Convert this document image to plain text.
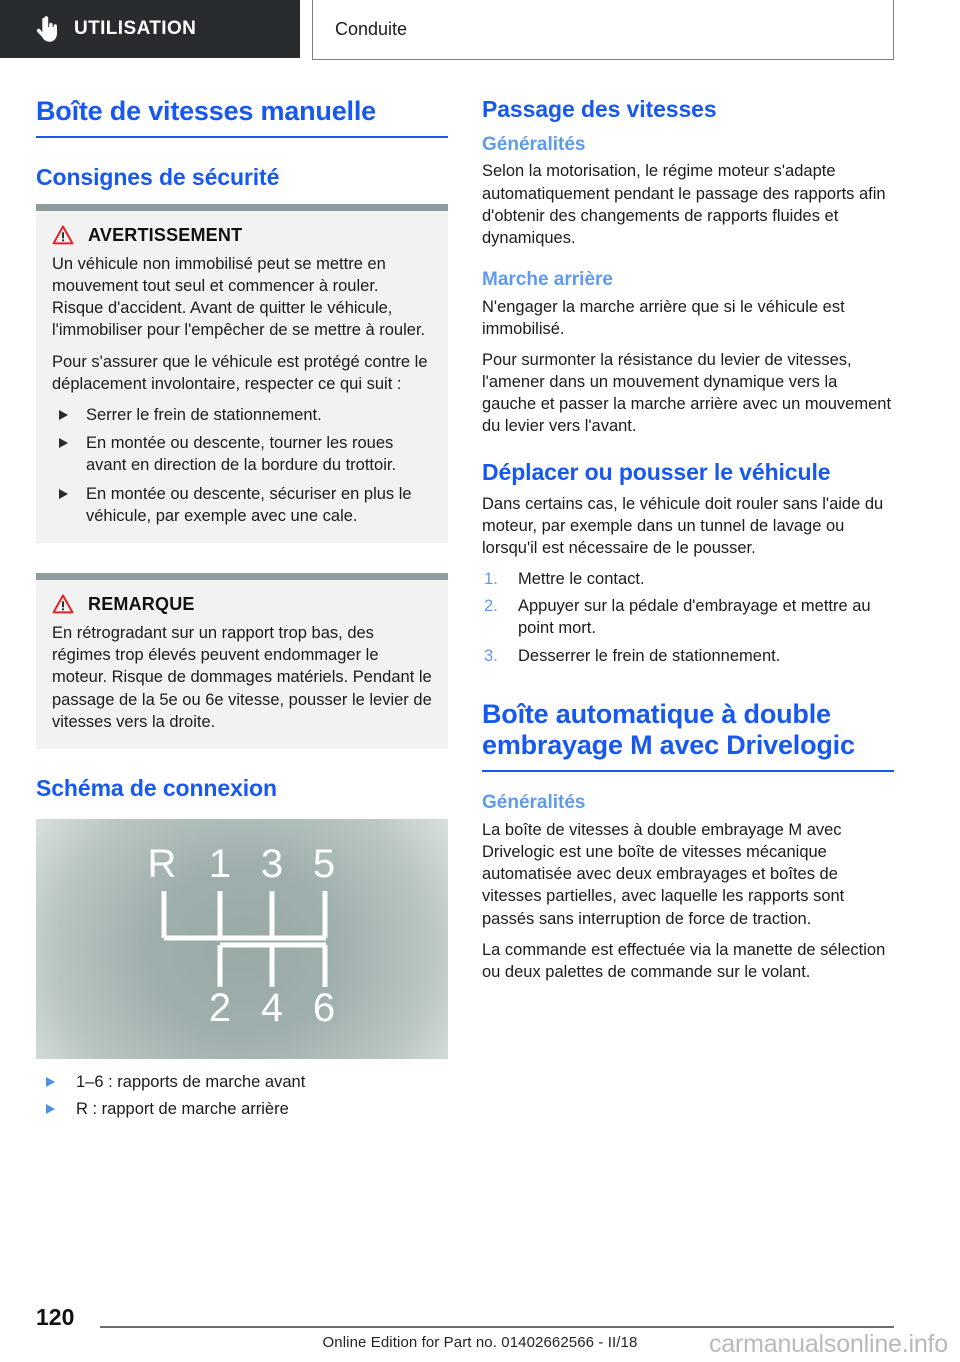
UTILISATION	Conduite
Boîte de vitesses manuelle
Consignes de sécurité
AVERTISSEMENT

Un véhicule non immobilisé peut se mettre en mouvement tout seul et commencer à rouler. Risque d'accident. Avant de quitter le véhicule, l'immobiliser pour l'empêcher de se mettre à rouler.

Pour s'assurer que le véhicule est protégé contre le déplacement involontaire, respecter ce qui suit :

Serrer le frein de stationnement.
En montée ou descente, tourner les roues avant en direction de la bordure du trottoir.
En montée ou descente, sécuriser en plus le véhicule, par exemple avec une cale.
REMARQUE

En rétrogradant sur un rapport trop bas, des régimes trop élevés peuvent endommager le moteur. Risque de dommages matériels. Pendant le passage de la 5e ou 6e vitesse, pousser le levier de vitesses vers la droite.

Schéma de connexion
R 1 3 5
2 4 6
1–6 : rapports de marche avant
R : rapport de marche arrière
Passage des vitesses
Généralités

Selon la motorisation, le régime moteur s'adapte automatiquement pendant le passage des rapports afin d'obtenir des changements de rapports fluides et dynamiques.

Marche arrière

N'engager la marche arrière que si le véhicule est immobilisé.

Pour surmonter la résistance du levier de vitesses, l'amener dans un mouvement dynamique vers la gauche et passer la marche arrière avec un mouvement du levier vers l'avant.

Déplacer ou pousser le véhicule

Dans certains cas, le véhicule doit rouler sans l'aide du moteur, par exemple dans un tunnel de lavage ou lorsqu'il est nécessaire de le pousser.

Mettre le contact.
Appuyer sur la pédale d'embrayage et mettre au point mort.
Desserrer le frein de stationnement.
Boîte automatique à double embrayage M avec Drivelogic
Généralités

La boîte de vitesses à double embrayage M avec Drivelogic est une boîte de vitesses mécanique automatisée avec deux embrayages et boîtes de vitesses partielles, avec laquelle les rapports sont passés sans interruption de force de traction.

La commande est effectuée via la manette de sélection ou deux palettes de commande sur le volant.

120
Online Edition for Part no. 01402662566 - II/18	carmanualsonline.info
